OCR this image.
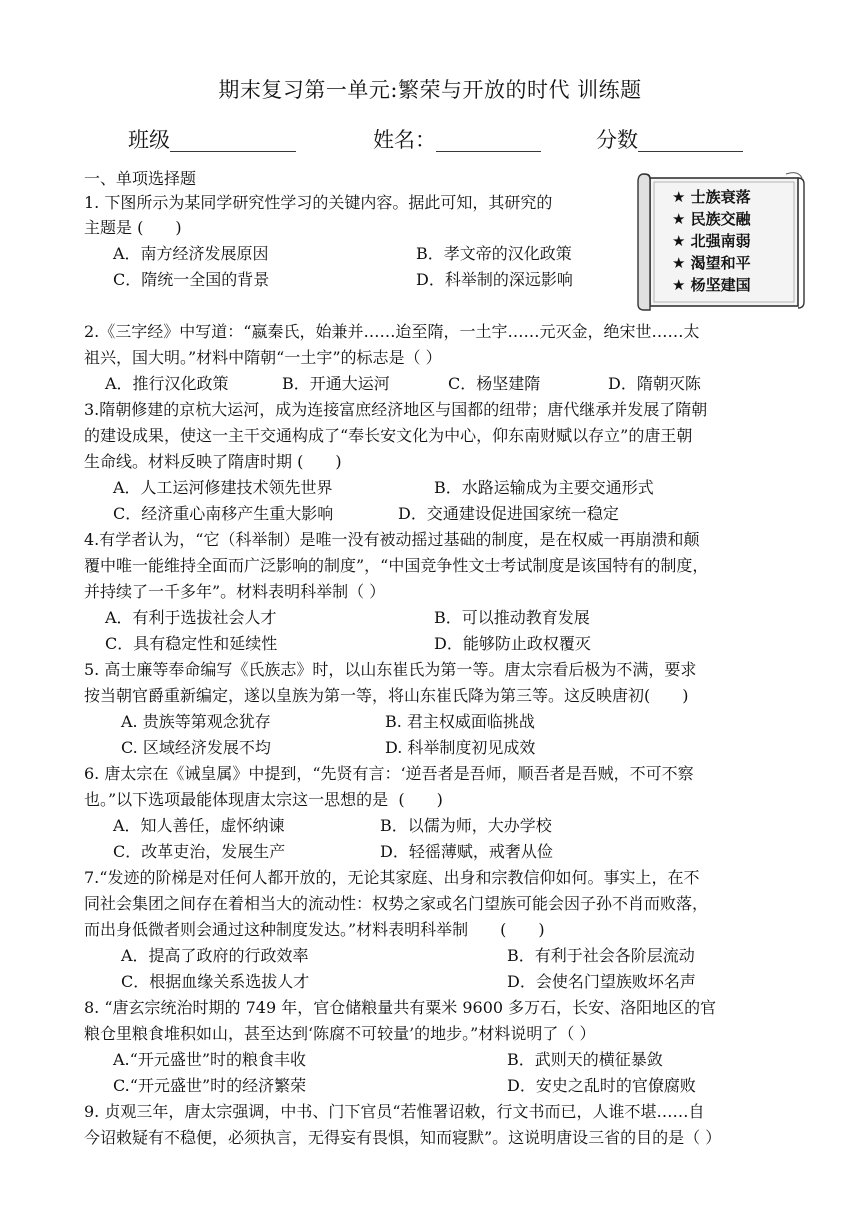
期末复习第一单元:繁荣与开放的时代 训练题
班级____________	姓名：__________	分数__________
一、单项选择题
★ 士族衰落
★ 民族交融
★ 北强南弱
★ 渴望和平
★ 杨坚建国
1. 下图所示为某同学研究性学习的关键内容。据此可知，其研究的
主题是 (　　)
A．南方经济发展原因	B．孝文帝的汉化政策
C．隋统一全国的背景	D．科举制的深远影响
2.《三字经》中写道：“嬴秦氏，始兼并……迨至隋，一土宇……元灭金，绝宋世……太
祖兴，国大明。”材料中隋朝“一土宇”的标志是（ ）
A．推行汉化政策	B．开通大运河	C．杨坚建隋	D．隋朝灭陈
3.隋朝修建的京杭大运河，成为连接富庶经济地区与国都的纽带；唐代继承并发展了隋朝
的建设成果，使这一主干交通构成了“奉长安文化为中心，仰东南财赋以存立”的唐王朝
生命线。材料反映了隋唐时期 (　　)
A．人工运河修建技术领先世界	B．水路运输成为主要交通形式
C．经济重心南移产生重大影响	D．交通建设促进国家统一稳定
4.有学者认为，“它（科举制）是唯一没有被动摇过基础的制度，是在权威一再崩溃和颠
覆中唯一能维持全面而广泛影响的制度”，“中国竞争性文士考试制度是该国特有的制度，
并持续了一千多年”。材料表明科举制（ ）
A．有利于选拔社会人才	B．可以推动教育发展
C．具有稳定性和延续性	D．能够防止政权覆灭
5. 高士廉等奉命编写《氏族志》时，以山东崔氏为第一等。唐太宗看后极为不满，要求
按当朝官爵重新编定，遂以皇族为第一等，将山东崔氏降为第三等。这反映唐初(　　)
A. 贵族等第观念犹存	B. 君主权威面临挑战
C. 区域经济发展不均	D. 科举制度初见成效
6. 唐太宗在《诫皇属》中提到，“先贤有言：‘逆吾者是吾师，顺吾者是吾贼，不可不察
也。”以下选项最能体现唐太宗这一思想的是  (　　)
A．知人善任，虚怀纳谏	B．以儒为师，大办学校
C．改革吏治，发展生产	D．轻徭薄赋，戒奢从俭
7.“发迹的阶梯是对任何人都开放的，无论其家庭、出身和宗教信仰如何。事实上，在不
同社会集团之间存在着相当大的流动性：权势之家或名门望族可能会因子孙不肖而败落，
而出身低微者则会通过这种制度发达。”材料表明科举制　　(　　)
A．提高了政府的行政效率	B．有利于社会各阶层流动
C．根据血缘关系选拔人才	D．会使名门望族败坏名声
8. “唐玄宗统治时期的 749 年，官仓储粮量共有粟米 9600 多万石，长安、洛阳地区的官
粮仓里粮食堆积如山，甚至达到‘陈腐不可较量’的地步。”材料说明了（ ）
A.“开元盛世”时的粮食丰收	B．武则天的横征暴敛
C.“开元盛世”时的经济繁荣	D．安史之乱时的官僚腐败
9. 贞观三年，唐太宗强调，中书、门下官员“若惟署诏敕，行文书而已，人谁不堪……自
今诏敕疑有不稳便，必须执言，无得妄有畏惧，知而寝默”。这说明唐设三省的目的是（ ）
